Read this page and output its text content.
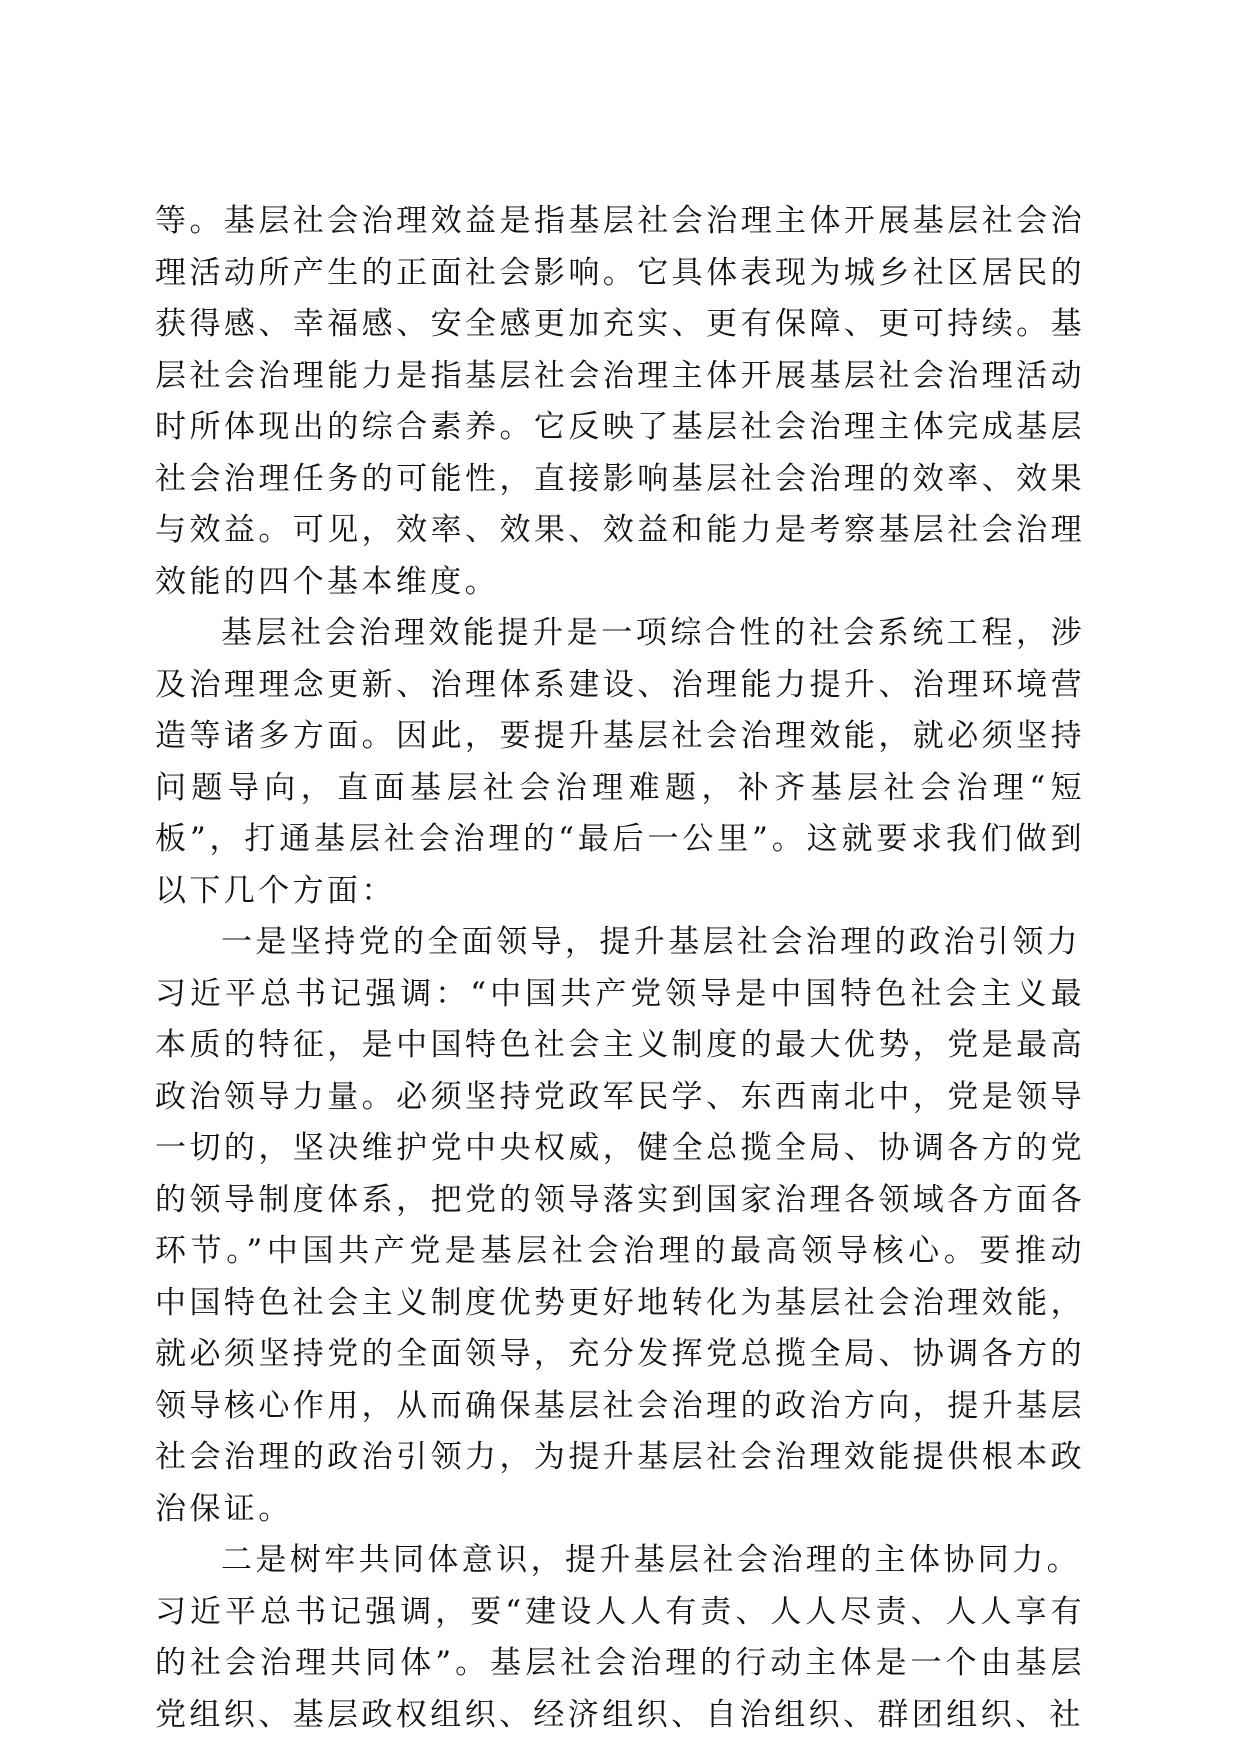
等。基层社会治理效益是指基层社会治理主体开展基层社会治理活动所产生的正面社会影响。它具体表现为城乡社区居民的获得感、幸福感、安全感更加充实、更有保障、更可持续。基层社会治理能力是指基层社会治理主体开展基层社会治理活动时所体现出的综合素养。它反映了基层社会治理主体完成基层社会治理任务的可能性，直接影响基层社会治理的效率、效果与效益。可见，效率、效果、效益和能力是考察基层社会治理效能的四个基本维度。

基层社会治理效能提升是一项综合性的社会系统工程，涉及治理理念更新、治理体系建设、治理能力提升、治理环境营造等诸多方面。因此，要提升基层社会治理效能，就必须坚持问题导向，直面基层社会治理难题，补齐基层社会治理“短板”，打通基层社会治理的“最后一公里”。这就要求我们做到以下几个方面：

一是坚持党的全面领导，提升基层社会治理的政治引领力

习近平总书记强调：“中国共产党领导是中国特色社会主义最本质的特征，是中国特色社会主义制度的最大优势，党是最高政治领导力量。必须坚持党政军民学、东西南北中，党是领导一切的，坚决维护党中央权威，健全总揽全局、协调各方的党的领导制度体系，把党的领导落实到国家治理各领域各方面各环节。”中国共产党是基层社会治理的最高领导核心。要推动中国特色社会主义制度优势更好地转化为基层社会治理效能，就必须坚持党的全面领导，充分发挥党总揽全局、协调各方的领导核心作用，从而确保基层社会治理的政治方向，提升基层社会治理的政治引领力，为提升基层社会治理效能提供根本政治保证。

二是树牢共同体意识，提升基层社会治理的主体协同力。

习近平总书记强调，要“建设人人有责、人人尽责、人人享有的社会治理共同体”。基层社会治理的行动主体是一个由基层党组织、基层政权组织、经济组织、自治组织、群团组织、社
